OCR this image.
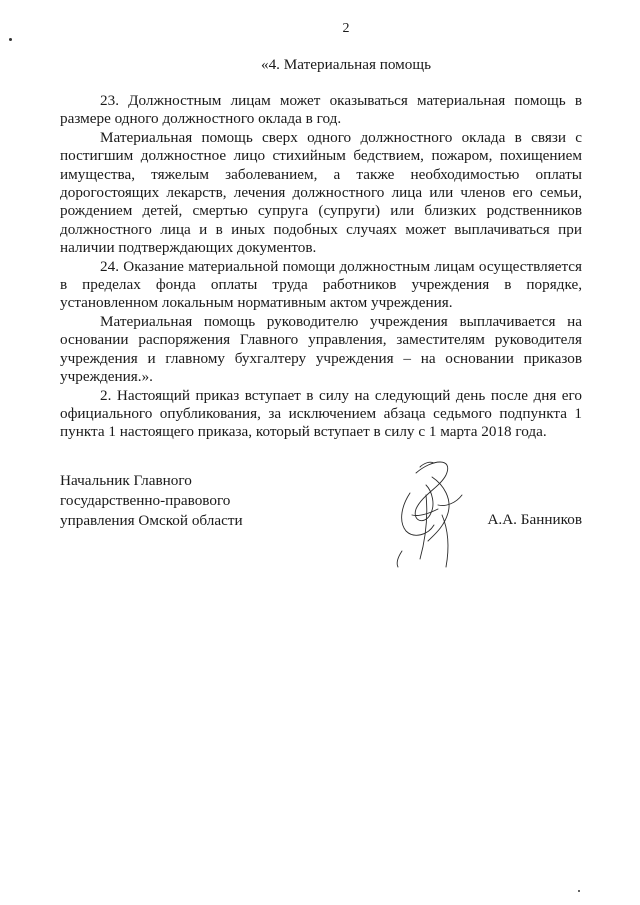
2
«4. Материальная помощь

23. Должностным лицам может оказываться материальная помощь в размере одного должностного оклада в год.

Материальная помощь сверх одного должностного оклада в связи с постигшим должностное лицо стихийным бедствием, пожаром, похищением имущества, тяжелым заболеванием, а также необходимостью оплаты дорогостоящих лекарств, лечения должностного лица или членов его семьи, рождением детей, смертью супруга (супруги) или близких родственников должностного лица и в иных подобных случаях может выплачиваться при наличии подтверждающих документов.

24. Оказание материальной помощи должностным лицам осуществляется в пределах фонда оплаты труда работников учреждения в порядке, установленном локальным нормативным актом учреждения.

Материальная помощь руководителю учреждения выплачивается на основании распоряжения Главного управления, заместителям руководителя учреждения и главному бухгалтеру учреждения – на основании приказов учреждения.».

2. Настоящий приказ вступает в силу на следующий день после дня его официального опубликования, за исключением абзаца седьмого подпункта 1 пункта 1 настоящего приказа, который вступает в силу с 1 марта 2018 года.

Начальник Главного
государственно-правового
управления Омской области	А.А. Банников
